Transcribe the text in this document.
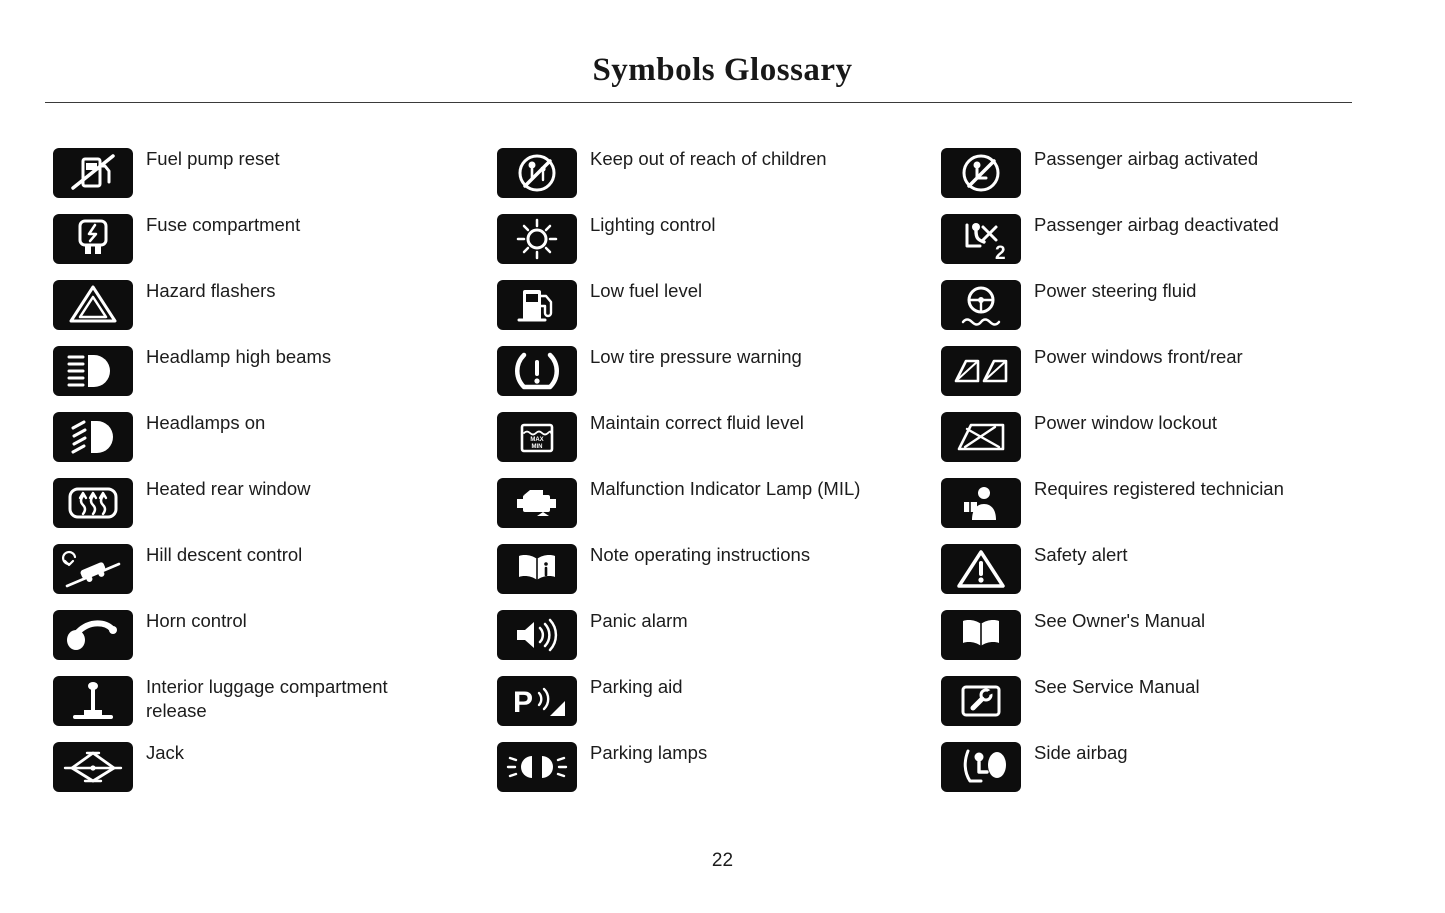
Symbols Glossary
Fuel pump reset
Fuse compartment
Hazard flashers
Headlamp high beams
Headlamps on
Heated rear window
Hill descent control
Horn control
Interior luggage compartment release
Jack
Keep out of reach of children
Lighting control
Low fuel level
Low tire pressure warning
MAX
MIN
Maintain correct fluid level
Malfunction Indicator Lamp (MIL)
Note operating instructions
Panic alarm
P	Parking aid
Parking lamps
Passenger airbag activated
2
Passenger airbag deactivated
Power steering fluid
Power windows front/rear
Power window lockout
Requires registered technician
Safety alert
See Owner's Manual
See Service Manual
Side airbag
22
